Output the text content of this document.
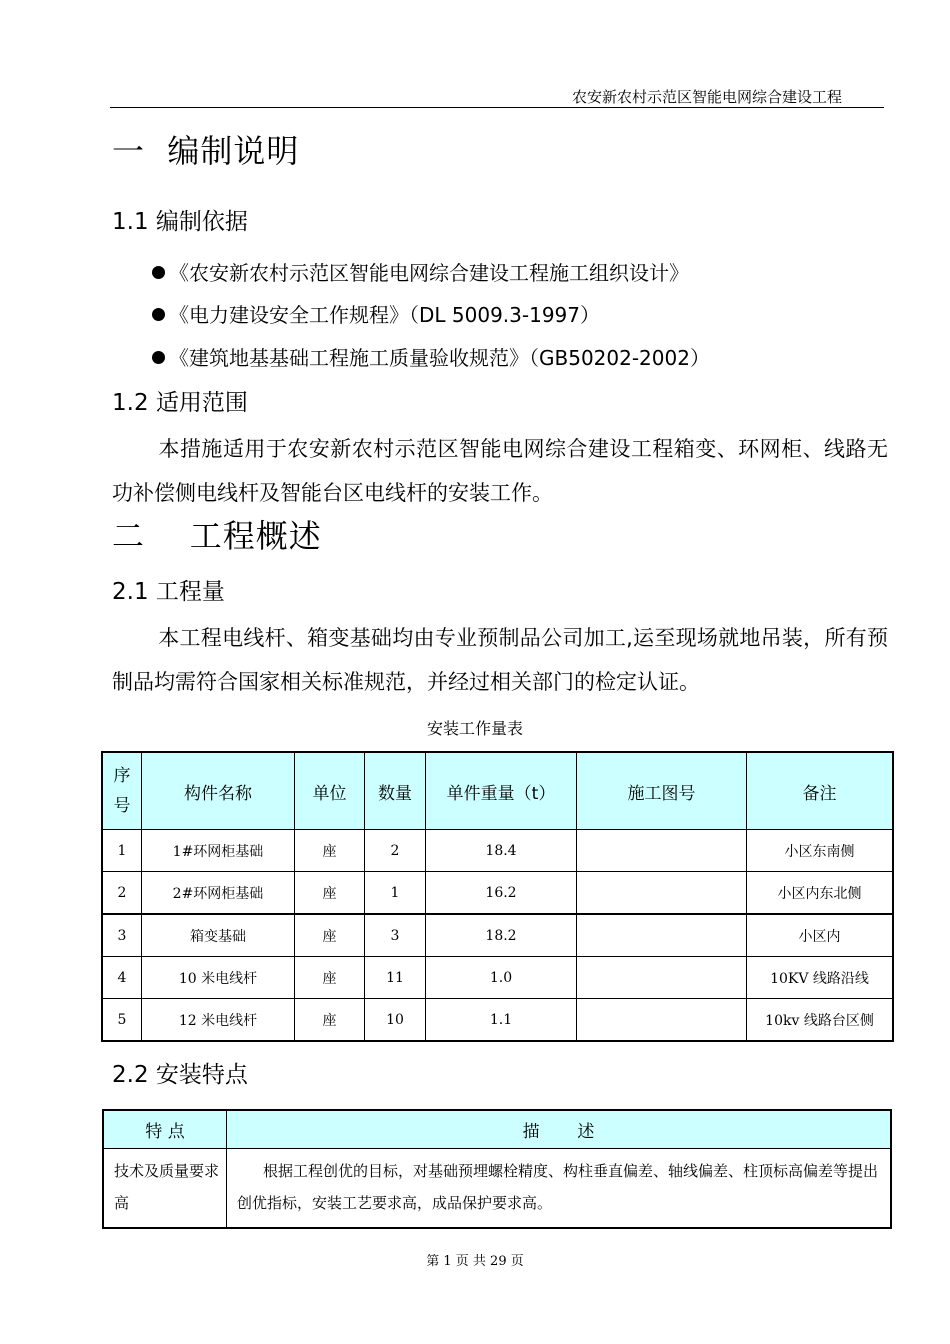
农安新农村示范区智能电网综合建设工程
一  编制说明
1.1 编制依据
《农安新农村示范区智能电网综合建设工程施工组织设计》
《电力建设安全工作规程》（DL 5009.3-1997）
《建筑地基基础工程施工质量验收规范》（GB50202-2002）
1.2 适用范围
本措施适用于农安新农村示范区智能电网综合建设工程箱变、环网柜、线路无功补偿侧电线杆及智能台区电线杆的安装工作。
二    工程概述
2.1 工程量
本工程电线杆、箱变基础均由专业预制品公司加工,运至现场就地吊装，所有预制品均需符合国家相关标准规范，并经过相关部门的检定认证。
安装工作量表
序号	构件名称	单位	数量	单件重量（t）	施工图号	备注
1	1#环网柜基础	座	2	18.4		小区东南侧
2	2#环网柜基础	座	1	16.2		小区内东北侧
3	箱变基础	座	3	18.2		小区内
4	10 米电线杆	座	11	1.0		10KV 线路沿线
5	12 米电线杆	座	10	1.1		10kv 线路台区侧
2.2 安装特点
特 点	描       述
技术及质量要求高	根据工程创优的目标，对基础预埋螺栓精度、构柱垂直偏差、轴线偏差、柱顶标高偏差等提出创优指标，安装工艺要求高，成品保护要求高。
第 1 页 共 29 页
